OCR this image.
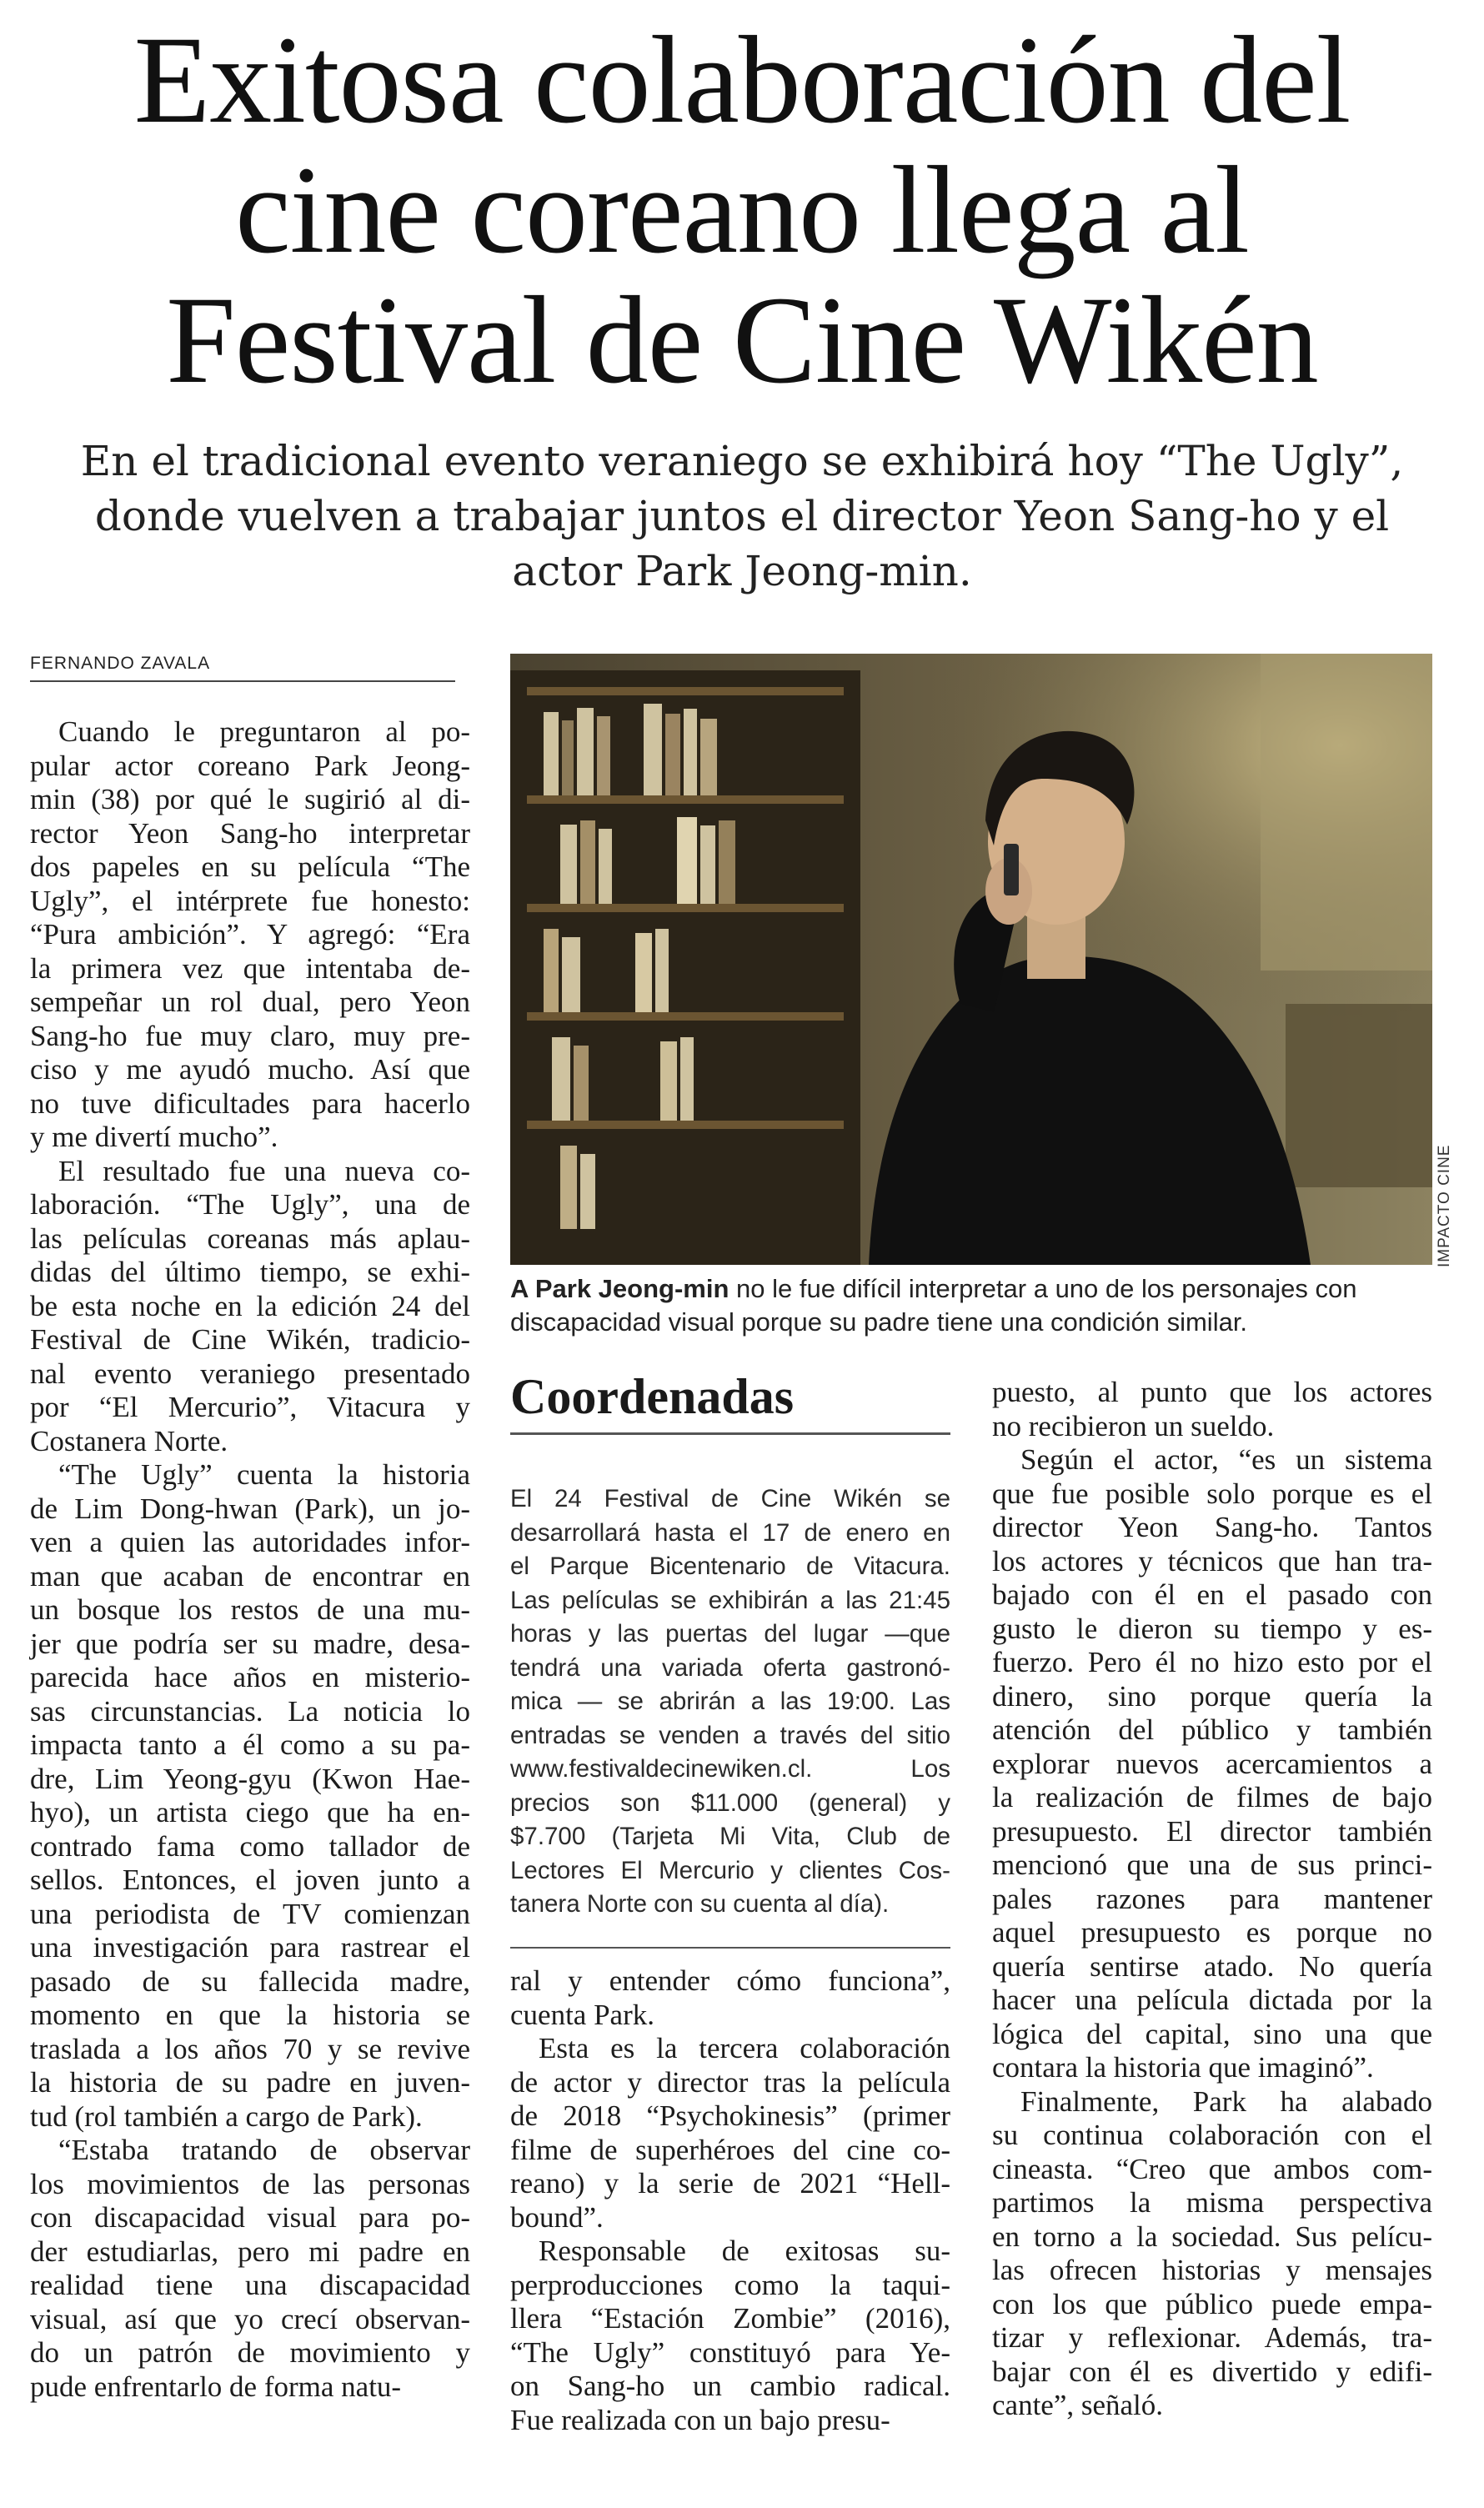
Exitosa colaboración del
cine coreano llega al
Festival de Cine Wikén

En el tradicional evento veraniego se exhibirá hoy “The Ugly”,
donde vuelven a trabajar juntos el director Yeon Sang-ho y el
actor Park Jeong-min.

FERNANDO ZAVALA
IMPACTO CINE
A Park Jeong-min no le fue difícil interpretar a uno de los personajes con
discapacidad visual porque su padre tiene una condición similar.
Coordenadas
El 24 Festival de Cine Wikén se
desarrollará hasta el 17 de enero en
el Parque Bicentenario de Vitacura.
Las películas se exhibirán a las 21:45
horas y las puertas del lugar —que
tendrá una variada oferta gastronó-
mica — se abrirán a las 19:00. Las
entradas se venden a través del sitio
www.festivaldecinewiken.cl. Los
precios son $11.000 (general) y
$7.700 (Tarjeta Mi Vita, Club de
Lectores El Mercurio y clientes Cos-
tanera Norte con su cuenta al día).

Cuando le preguntaron al po-
pular actor coreano Park Jeong-
min (38) por qué le sugirió al di-
rector Yeon Sang-ho interpretar
dos papeles en su película “The
Ugly”, el intérprete fue honesto:
“Pura ambición”. Y agregó: “Era
la primera vez que intentaba de-
sempeñar un rol dual, pero Yeon
Sang-ho fue muy claro, muy pre-
ciso y me ayudó mucho. Así que
no tuve dificultades para hacerlo
y me divertí mucho”.

El resultado fue una nueva co-
laboración. “The Ugly”, una de
las películas coreanas más aplau-
didas del último tiempo, se exhi-
be esta noche en la edición 24 del
Festival de Cine Wikén, tradicio-
nal evento veraniego presentado
por “El Mercurio”, Vitacura y
Costanera Norte.

“The Ugly” cuenta la historia
de Lim Dong-hwan (Park), un jo-
ven a quien las autoridades infor-
man que acaban de encontrar en
un bosque los restos de una mu-
jer que podría ser su madre, desa-
parecida hace años en misterio-
sas circunstancias. La noticia lo
impacta tanto a él como a su pa-
dre, Lim Yeong-gyu (Kwon Hae-
hyo), un artista ciego que ha en-
contrado fama como tallador de
sellos. Entonces, el joven junto a
una periodista de TV comienzan
una investigación para rastrear el
pasado de su fallecida madre,
momento en que la historia se
traslada a los años 70 y se revive
la historia de su padre en juven-
tud (rol también a cargo de Park).

“Estaba tratando de observar
los movimientos de las personas
con discapacidad visual para po-
der estudiarlas, pero mi padre en
realidad tiene una discapacidad
visual, así que yo crecí observan-
do un patrón de movimiento y
pude enfrentarlo de forma natu-

ral y entender cómo funciona”,
cuenta Park.

Esta es la tercera colaboración
de actor y director tras la película
de 2018 “Psychokinesis” (primer
filme de superhéroes del cine co-
reano) y la serie de 2021 “Hell-
bound”.

Responsable de exitosas su-
perproducciones como la taqui-
llera “Estación Zombie” (2016),
“The Ugly” constituyó para Ye-
on Sang-ho un cambio radical.
Fue realizada con un bajo presu-

puesto, al punto que los actores
no recibieron un sueldo.

Según el actor, “es un sistema
que fue posible solo porque es el
director Yeon Sang-ho. Tantos
los actores y técnicos que han tra-
bajado con él en el pasado con
gusto le dieron su tiempo y es-
fuerzo. Pero él no hizo esto por el
dinero, sino porque quería la
atención del público y también
explorar nuevos acercamientos a
la realización de filmes de bajo
presupuesto. El director también
mencionó que una de sus princi-
pales razones para mantener
aquel presupuesto es porque no
quería sentirse atado. No quería
hacer una película dictada por la
lógica del capital, sino una que
contara la historia que imaginó”.

Finalmente, Park ha alabado
su continua colaboración con el
cineasta. “Creo que ambos com-
partimos la misma perspectiva
en torno a la sociedad. Sus pelícu-
las ofrecen historias y mensajes
con los que público puede empa-
tizar y reflexionar. Además, tra-
bajar con él es divertido y edifi-
cante”, señaló.
